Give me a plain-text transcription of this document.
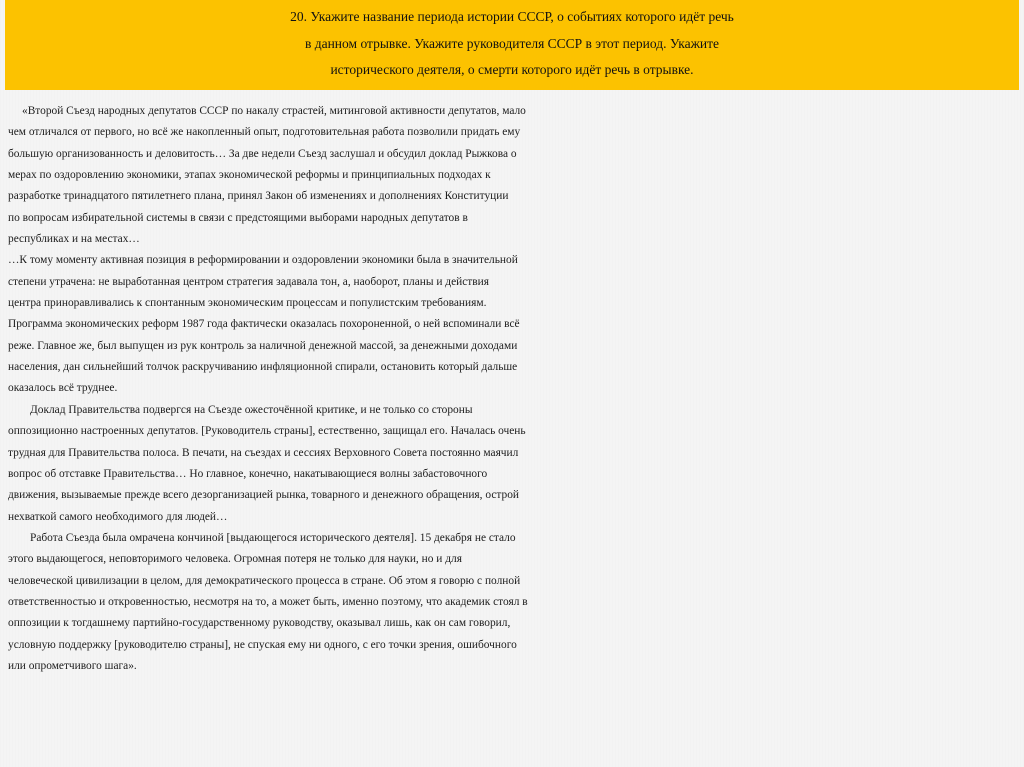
20. Укажите название периода истории СССР, о событиях которого идёт речь
в данном отрывке. Укажите руководителя СССР в этот период. Укажите
исторического деятеля, о смерти которого идёт речь в отрывке.
«Второй Съезд народных депутатов СССР по накалу страстей, митинговой активности депутатов, мало
чем отличался от первого, но всё же накопленный опыт, подготовительная работа позволили придать ему
большую организованность и деловитость… За две недели Съезд заслушал и обсудил доклад Рыжкова о
мерах по оздоровлению экономики, этапах экономической реформы и принципиальных подходах к
разработке тринадцатого пятилетнего плана, принял Закон об изменениях и дополнениях Конституции
по вопросам избирательной системы в связи с предстоящими выборами народных депутатов в
республиках и на местах…
…К тому моменту активная позиция в реформировании и оздоровлении экономики была в значительной
степени утрачена: не выработанная центром стратегия задавала тон, а, наоборот, планы и действия
центра приноравливались к спонтанным экономическим процессам и популистским требованиям.
Программа экономических реформ 1987 года фактически оказалась похороненной, о ней вспоминали всё
реже. Главное же, был выпущен из рук контроль за наличной денежной массой, за денежными доходами
населения, дан сильнейший толчок раскручиванию инфляционной спирали, остановить который дальше
оказалось всё труднее.
Доклад Правительства подвергся на Съезде ожесточённой критике, и не только со стороны
оппозиционно настроенных депутатов. [Руководитель страны], естественно, защищал его. Началась очень
трудная для Правительства полоса. В печати, на съездах и сессиях Верховного Совета постоянно маячил
вопрос об отставке Правительства… Но главное, конечно, накатывающиеся волны забастовочного
движения, вызываемые прежде всего дезорганизацией рынка, товарного и денежного обращения, острой
нехваткой самого необходимого для людей…
Работа Съезда была омрачена кончиной [выдающегося исторического деятеля]. 15 декабря не стало
этого выдающегося, неповторимого человека. Огромная потеря не только для науки, но и для
человеческой цивилизации в целом, для демократического процесса в стране. Об этом я говорю с полной
ответственностью и откровенностью, несмотря на то, а может быть, именно поэтому, что академик стоял в
оппозиции к тогдашнему партийно-государственному руководству, оказывал лишь, как он сам говорил,
условную поддержку [руководителю страны], не спуская ему ни одного, с его точки зрения, ошибочного
или опрометчивого шага».
